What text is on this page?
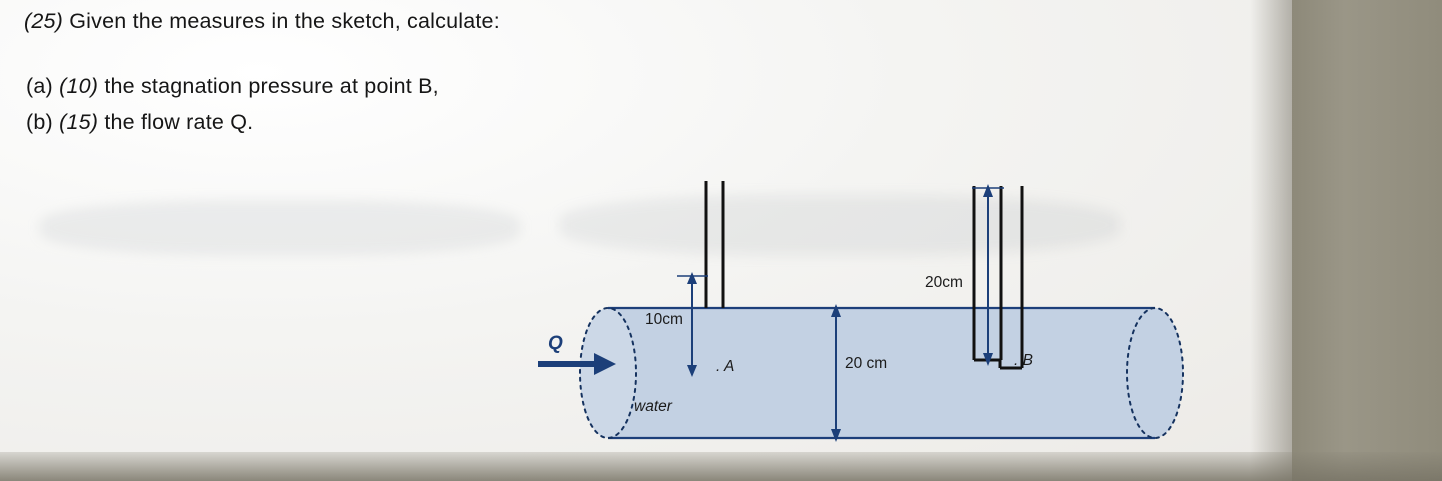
(25) Given the measures in the sketch, calculate:
(a) (10) the stagnation pressure at point B,
(b) (15) the flow rate Q.
Q
10cm
20cm
20 cm
. A	. B
water
